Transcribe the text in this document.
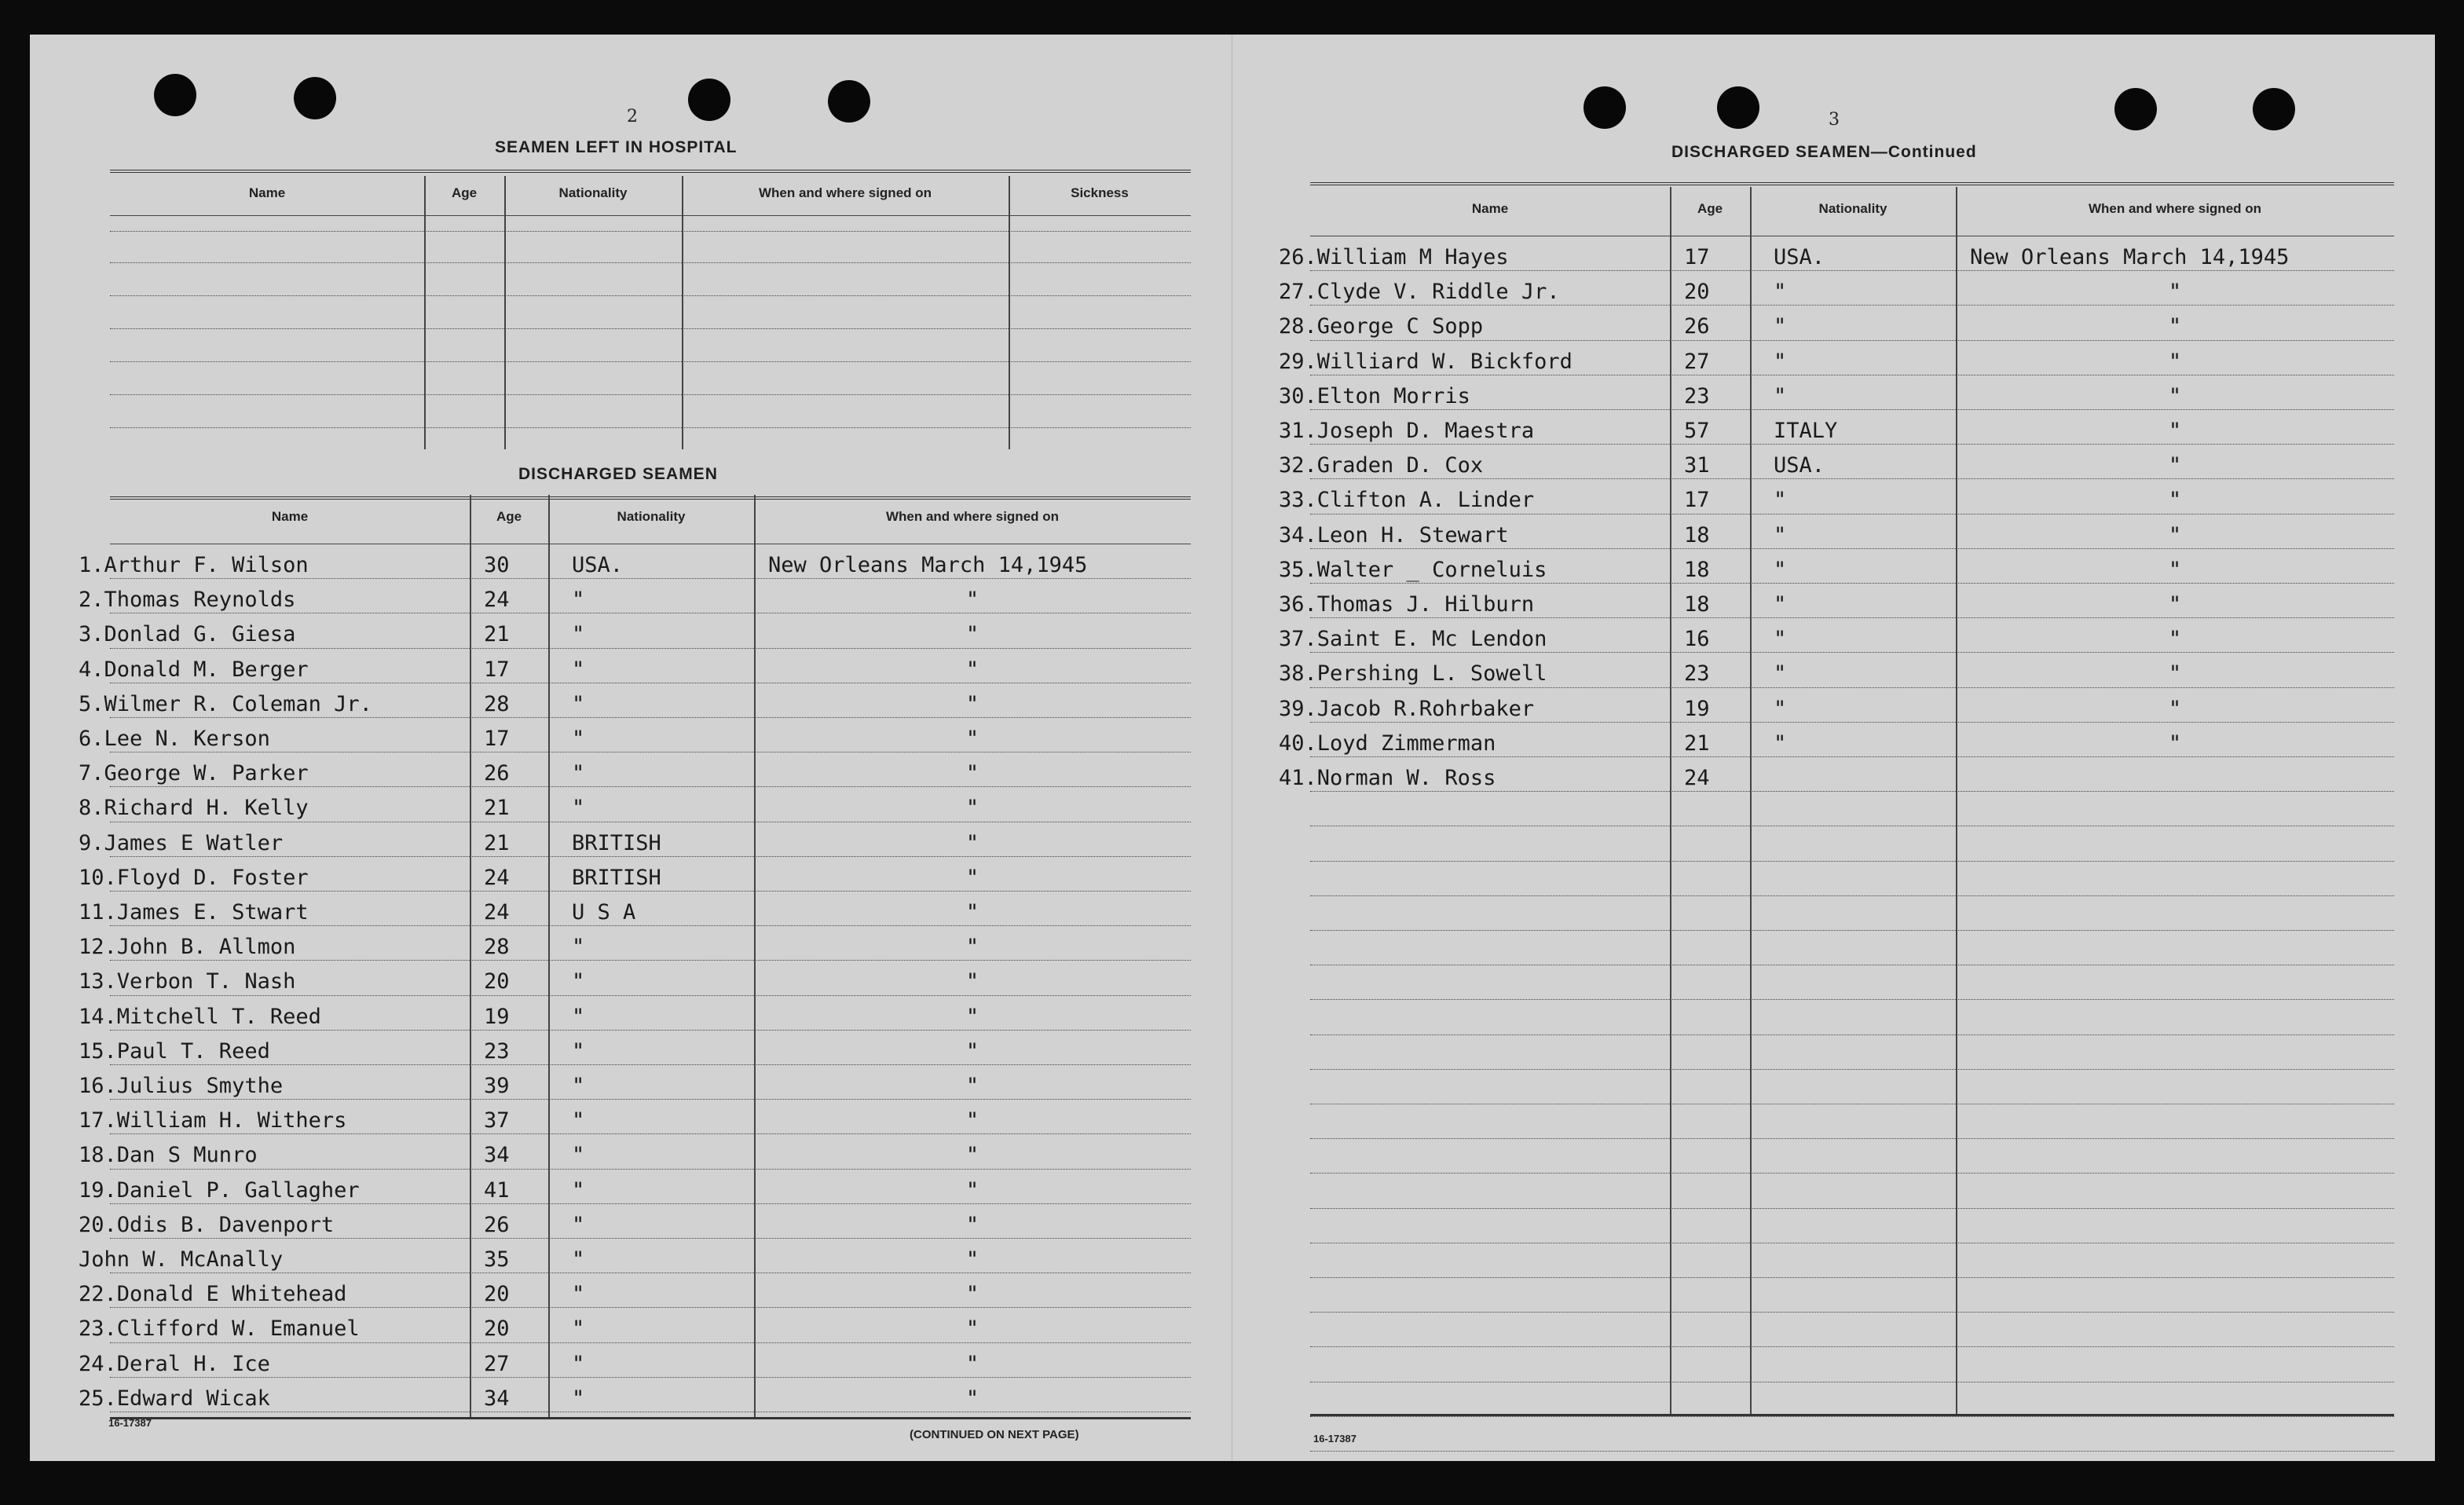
2
SEAMEN LEFT IN HOSPITAL
Name	Age	Nationality	When and where signed on	Sickness
DISCHARGED SEAMEN
Name	Age	Nationality	When and where signed on
1.Arthur F. Wilson	30	USA.	New Orleans March 14,1945
2.Thomas Reynolds	24	"	"
3.Donlad G. Giesa	21	"	"
4.Donald M. Berger	17	"	"
5.Wilmer R. Coleman Jr.	28	"	"
6.Lee N. Kerson	17	"	"
7.George W. Parker	26	"	"
8.Richard H. Kelly	21	"	"
9.James E Watler	21	BRITISH	"
10.Floyd D. Foster	24	BRITISH	"
11.James E. Stwart	24	U S A	"
12.John B. Allmon	28	"	"
13.Verbon T. Nash	20	"	"
14.Mitchell T. Reed	19	"	"
15.Paul T. Reed	23	"	"
16.Julius Smythe	39	"	"
17.William H. Withers	37	"	"
18.Dan S Munro	34	"	"
19.Daniel P. Gallagher	41	"	"
20.Odis B. Davenport	26	"	"
John W. McAnally	35	"	"
22.Donald E Whitehead	20	"	"
23.Clifford W. Emanuel	20	"	"
24.Deral H. Ice	27	"	"
25.Edward Wicak	34	"	"
16-17387
(CONTINUED ON NEXT PAGE)
3
DISCHARGED SEAMEN—Continued
Name	Age	Nationality	When and where signed on
26.William M Hayes	17	USA.	New Orleans March 14,1945
27.Clyde V. Riddle Jr.	20	"	"
28.George C Sopp	26	"	"
29.Williard W. Bickford	27	"	"
30.Elton Morris	23	"	"
31.Joseph D. Maestra	57	ITALY	"
32.Graden D. Cox	31	USA.	"
33.Clifton A. Linder	17	"	"
34.Leon H. Stewart	18	"	"
35.Walter _ Corneluis	18	"	"
36.Thomas J. Hilburn	18	"	"
37.Saint E. Mc Lendon	16	"	"
38.Pershing L. Sowell	23	"	"
39.Jacob R.Rohrbaker	19	"	"
40.Loyd Zimmerman	21	"	"
41.Norman W. Ross	24
16-17387
